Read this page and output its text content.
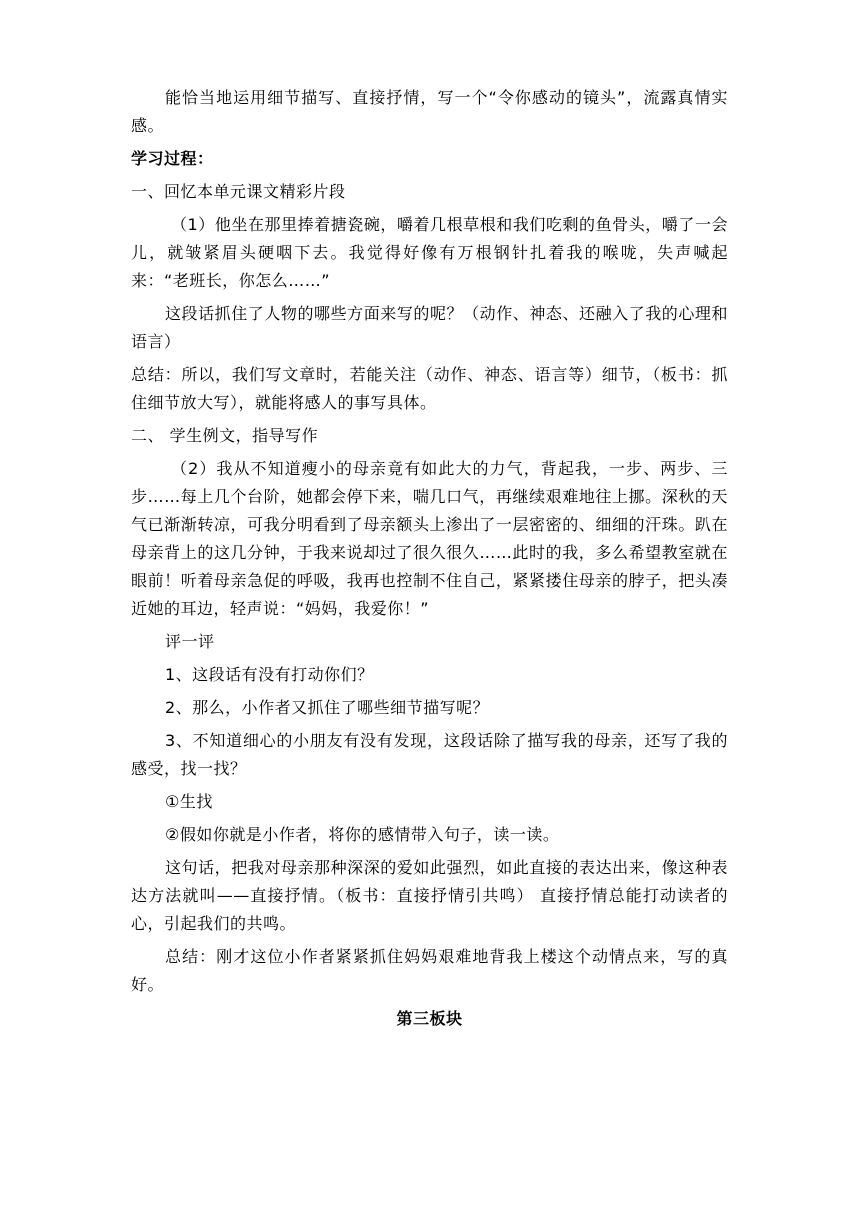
能恰当地运用细节描写、直接抒情，写一个“令你感动的镜头”，流露真情实感。

学习过程：

一、回忆本单元课文精彩片段

（1）他坐在那里捧着搪瓷碗，嚼着几根草根和我们吃剩的鱼骨头，嚼了一会儿，就皱紧眉头硬咽下去。我觉得好像有万根钢针扎着我的喉咙，失声喊起来：“老班长，你怎么……”

这段话抓住了人物的哪些方面来写的呢？（动作、神态、还融入了我的心理和语言）

总结：所以，我们写文章时，若能关注（动作、神态、语言等）细节，（板书：抓住细节放大写），就能将感人的事写具体。

二、 学生例文，指导写作

（2）我从不知道瘦小的母亲竟有如此大的力气，背起我，一步、两步、三步……每上几个台阶，她都会停下来，喘几口气，再继续艰难地往上挪。深秋的天气已渐渐转凉，可我分明看到了母亲额头上渗出了一层密密的、细细的汗珠。趴在母亲背上的这几分钟，于我来说却过了很久很久……此时的我，多么希望教室就在眼前！听着母亲急促的呼吸，我再也控制不住自己，紧紧搂住母亲的脖子，把头凑近她的耳边，轻声说：“妈妈，我爱你！”

评一评

1、这段话有没有打动你们？

2、那么，小作者又抓住了哪些细节描写呢？

3、不知道细心的小朋友有没有发现，这段话除了描写我的母亲，还写了我的感受，找一找？

①生找

②假如你就是小作者，将你的感情带入句子，读一读。

这句话，把我对母亲那种深深的爱如此强烈，如此直接的表达出来，像这种表达方法就叫——直接抒情。（板书：直接抒情引共鸣） 直接抒情总能打动读者的心，引起我们的共鸣。

总结：刚才这位小作者紧紧抓住妈妈艰难地背我上楼这个动情点来，写的真好。

第三板块
